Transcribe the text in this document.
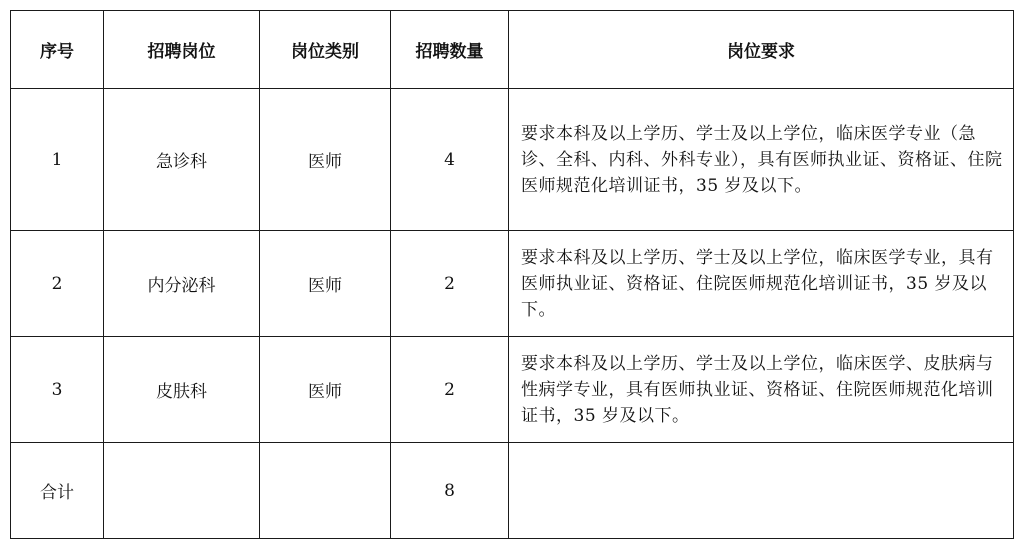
序号	招聘岗位	岗位类别	招聘数量	岗位要求
1	急诊科	医师	4	要求本科及以上学历、学士及以上学位，临床医学专业（急诊、全科、内科、外科专业），具有医师执业证、资格证、住院医师规范化培训证书，35 岁及以下。
2	内分泌科	医师	2	要求本科及以上学历、学士及以上学位，临床医学专业，具有医师执业证、资格证、住院医师规范化培训证书，35 岁及以下。
3	皮肤科	医师	2	要求本科及以上学历、学士及以上学位，临床医学、皮肤病与性病学专业，具有医师执业证、资格证、住院医师规范化培训证书，35 岁及以下。
合计			8	
